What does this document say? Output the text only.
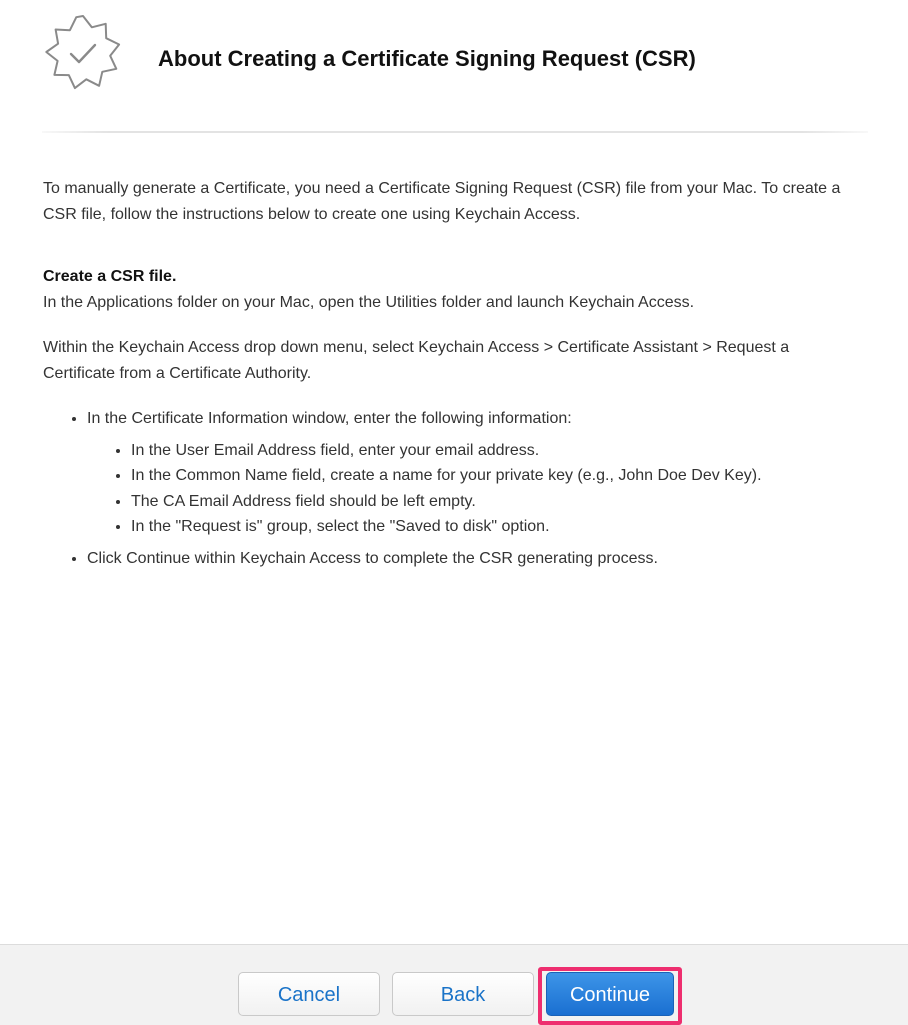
About Creating a Certificate Signing Request (CSR)

To manually generate a Certificate, you need a Certificate Signing Request (CSR) file from your Mac. To create a CSR file, follow the instructions below to create one using Keychain Access.

Create a CSR file.

In the Applications folder on your Mac, open the Utilities folder and launch Keychain Access.

Within the Keychain Access drop down menu, select Keychain Access > Certificate Assistant > Request a Certificate from a Certificate Authority.

• In the Certificate Information window, enter the following information:
• In the User Email Address field, enter your email address.
• In the Common Name field, create a name for your private key (e.g., John Doe Dev Key).
• The CA Email Address field should be left empty.
• In the "Request is" group, select the "Saved to disk" option.
• Click Continue within Keychain Access to complete the CSR generating process.
Cancel	Back	Continue
